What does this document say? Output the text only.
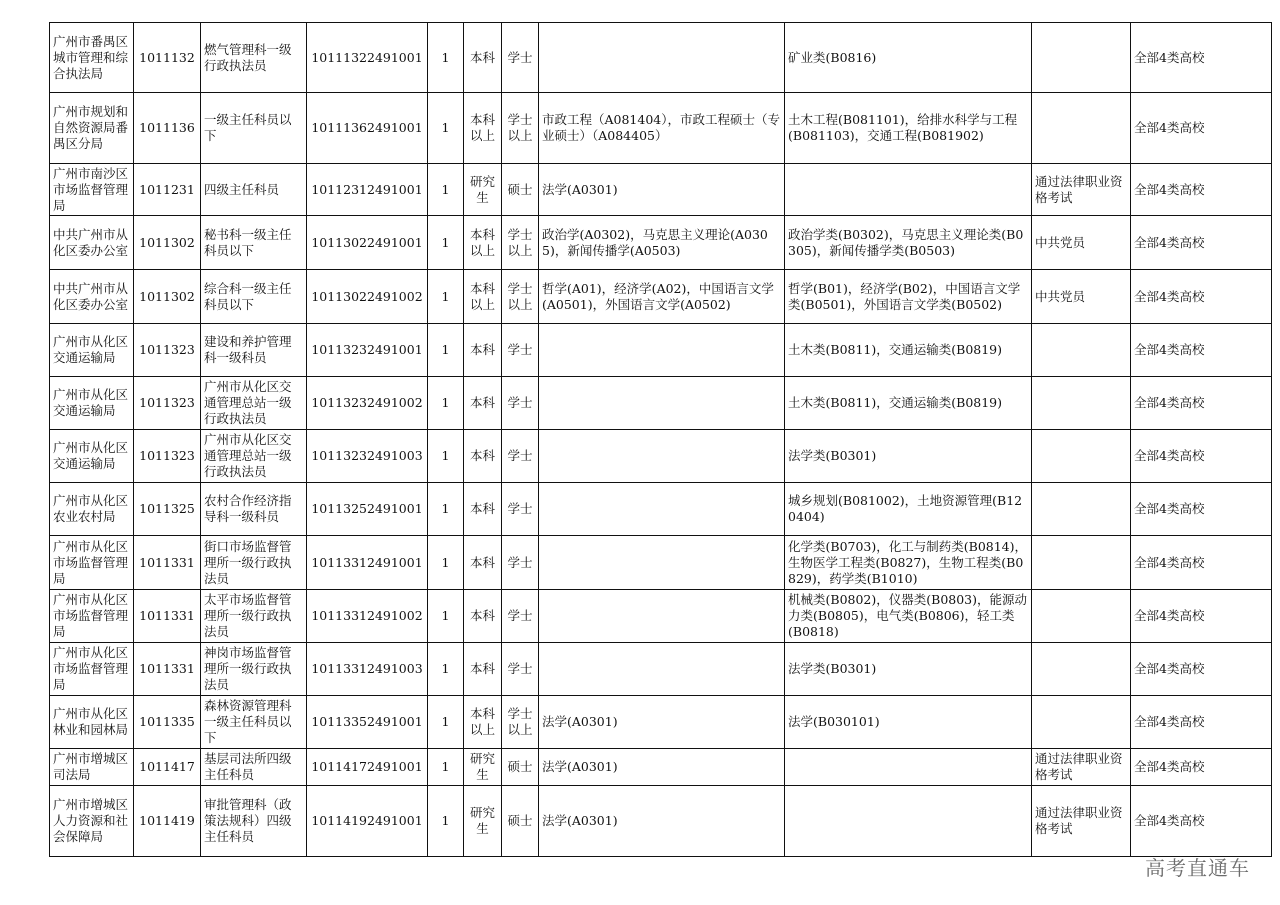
广州市番禺区城市管理和综合执法局	1011132	燃气管理科一级行政执法员	10111322491001	1	本科	学士		矿业类(B0816)		全部4类高校
广州市规划和自然资源局番禺区分局	1011136	一级主任科员以下	10111362491001	1	本科以上	学士以上	市政工程（A081404），市政工程硕士（专业硕士）（A084405）	土木工程(B081101)，给排水科学与工程(B081103)，交通工程(B081902)		全部4类高校
广州市南沙区市场监督管理局	1011231	四级主任科员	10112312491001	1	研究生	硕士	法学(A0301)		通过法律职业资格考试	全部4类高校
中共广州市从化区委办公室	1011302	秘书科一级主任科员以下	10113022491001	1	本科以上	学士以上	政治学(A0302)，马克思主义理论(A0305)，新闻传播学(A0503)	政治学类(B0302)，马克思主义理论类(B0305)，新闻传播学类(B0503)	中共党员	全部4类高校
中共广州市从化区委办公室	1011302	综合科一级主任科员以下	10113022491002	1	本科以上	学士以上	哲学(A01)，经济学(A02)，中国语言文学(A0501)，外国语言文学(A0502)	哲学(B01)，经济学(B02)，中国语言文学类(B0501)，外国语言文学类(B0502)	中共党员	全部4类高校
广州市从化区交通运输局	1011323	建设和养护管理科一级科员	10113232491001	1	本科	学士		土木类(B0811)，交通运输类(B0819)		全部4类高校
广州市从化区交通运输局	1011323	广州市从化区交通管理总站一级行政执法员	10113232491002	1	本科	学士		土木类(B0811)，交通运输类(B0819)		全部4类高校
广州市从化区交通运输局	1011323	广州市从化区交通管理总站一级行政执法员	10113232491003	1	本科	学士		法学类(B0301)		全部4类高校
广州市从化区农业农村局	1011325	农村合作经济指导科一级科员	10113252491001	1	本科	学士		城乡规划(B081002)，土地资源管理(B120404)		全部4类高校
广州市从化区市场监督管理局	1011331	街口市场监督管理所一级行政执法员	10113312491001	1	本科	学士		化学类(B0703)，化工与制药类(B0814)，生物医学工程类(B0827)，生物工程类(B0829)，药学类(B1010)		全部4类高校
广州市从化区市场监督管理局	1011331	太平市场监督管理所一级行政执法员	10113312491002	1	本科	学士		机械类(B0802)，仪器类(B0803)，能源动力类(B0805)，电气类(B0806)，轻工类(B0818)		全部4类高校
广州市从化区市场监督管理局	1011331	神岗市场监督管理所一级行政执法员	10113312491003	1	本科	学士		法学类(B0301)		全部4类高校
广州市从化区林业和园林局	1011335	森林资源管理科一级主任科员以下	10113352491001	1	本科以上	学士以上	法学(A0301)	法学(B030101)		全部4类高校
广州市增城区司法局	1011417	基层司法所四级主任科员	10114172491001	1	研究生	硕士	法学(A0301)		通过法律职业资格考试	全部4类高校
广州市增城区人力资源和社会保障局	1011419	审批管理科（政策法规科）四级主任科员	10114192491001	1	研究生	硕士	法学(A0301)		通过法律职业资格考试	全部4类高校
高考直通车
